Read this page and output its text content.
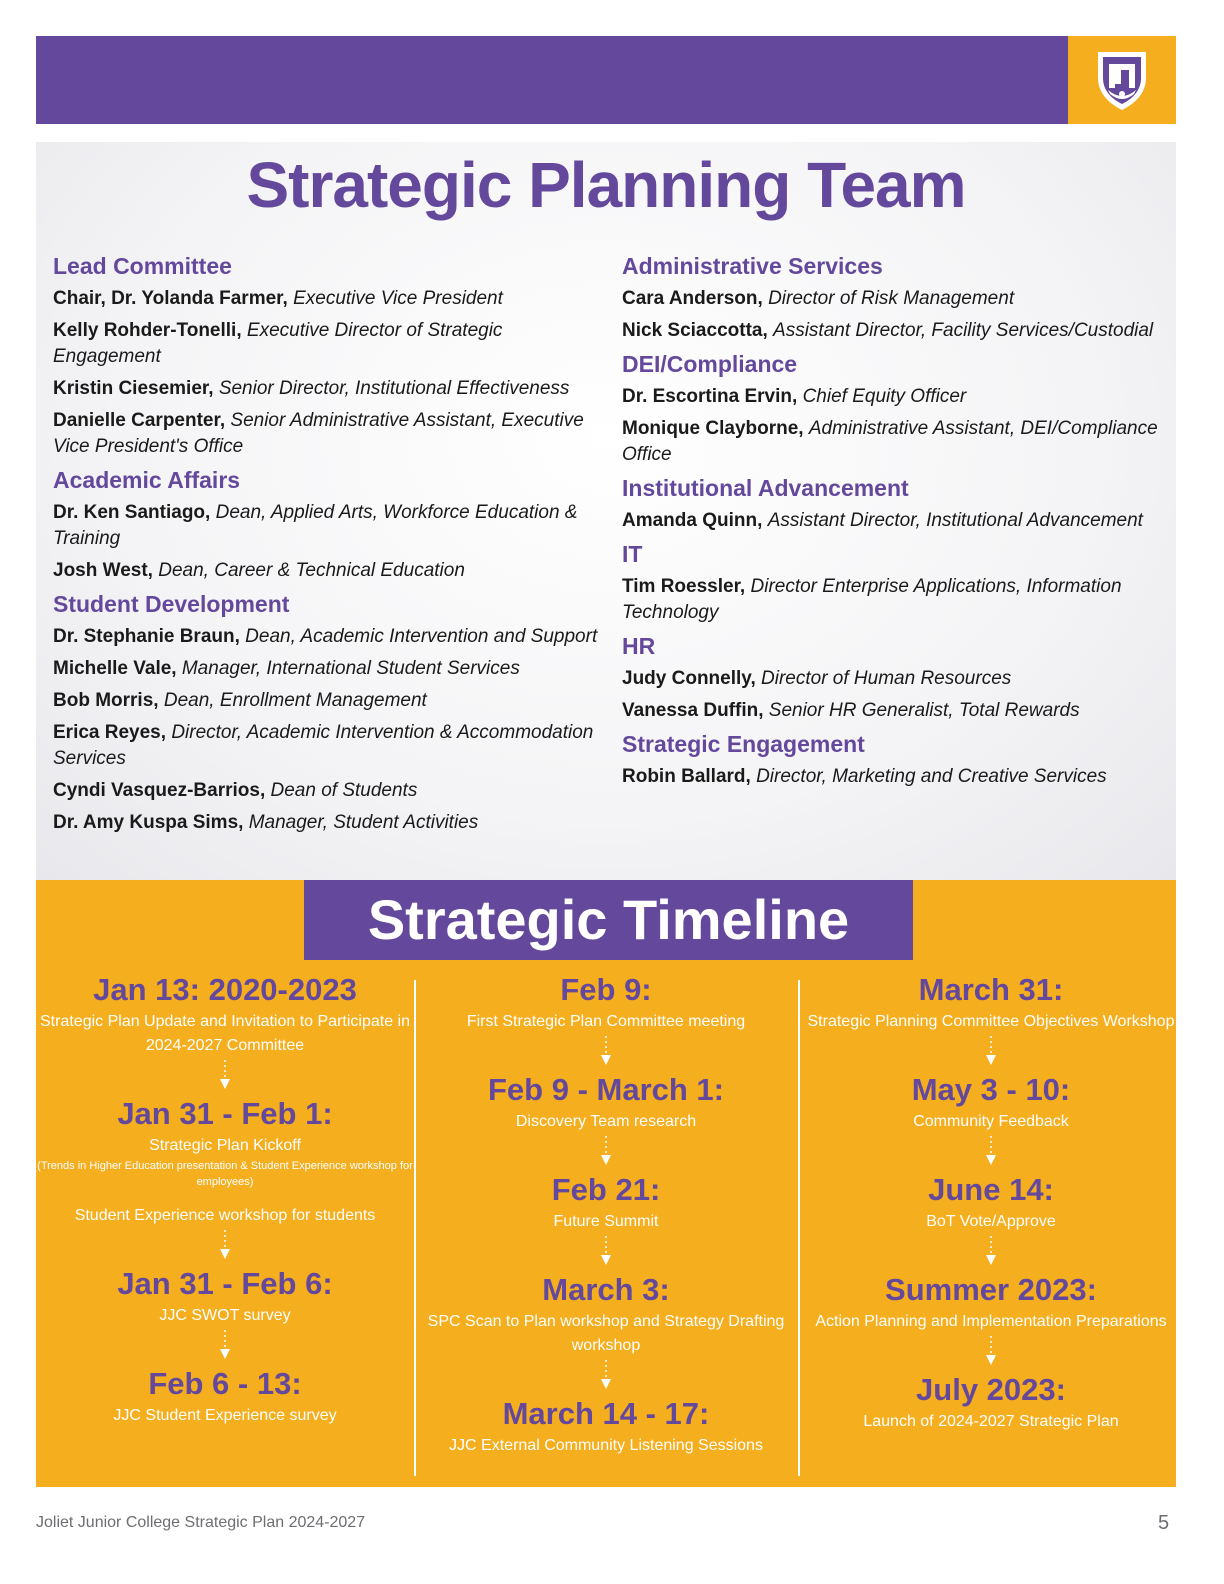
Strategic Planning Team
Lead Committee
Chair, Dr. Yolanda Farmer, Executive Vice President
Kelly Rohder-Tonelli, Executive Director of Strategic Engagement
Kristin Ciesemier, Senior Director, Institutional Effectiveness
Danielle Carpenter, Senior Administrative Assistant, Executive Vice President's Office
Academic Affairs
Dr. Ken Santiago, Dean, Applied Arts, Workforce Education & Training
Josh West, Dean, Career & Technical Education
Student Development
Dr. Stephanie Braun, Dean, Academic Intervention and Support
Michelle Vale, Manager, International Student Services
Bob Morris, Dean, Enrollment Management
Erica Reyes, Director, Academic Intervention & Accommodation Services
Cyndi Vasquez-Barrios, Dean of Students
Dr. Amy Kuspa Sims, Manager, Student Activities
Administrative Services
Cara Anderson, Director of Risk Management
Nick Sciaccotta, Assistant Director, Facility Services/Custodial
DEI/Compliance
Dr. Escortina Ervin, Chief Equity Officer
Monique Clayborne, Administrative Assistant, DEI/Compliance Office
Institutional Advancement
Amanda Quinn, Assistant Director, Institutional Advancement
IT
Tim Roessler, Director Enterprise Applications, Information Technology
HR
Judy Connelly, Director of Human Resources
Vanessa Duffin, Senior HR Generalist, Total Rewards
Strategic Engagement
Robin Ballard, Director, Marketing and Creative Services
Strategic Timeline
Jan 13: 2020-2023
Strategic Plan Update and Invitation to Participate in 2024-2027 Committee
Jan 31 - Feb 1:
Strategic Plan Kickoff
(Trends in Higher Education presentation & Student Experience workshop for employees)
Student Experience workshop for students
Jan 31 - Feb 6:
JJC SWOT survey
Feb 6 - 13:
JJC Student Experience survey
Feb 9:
First Strategic Plan Committee meeting
Feb 9 - March 1:
Discovery Team research
Feb 21:
Future Summit
March 3:
SPC Scan to Plan workshop and Strategy Drafting workshop
March 14 - 17:
JJC External Community Listening Sessions
March 31:
Strategic Planning Committee Objectives Workshop
May 3 - 10:
Community Feedback
June 14:
BoT Vote/Approve
Summer 2023:
Action Planning and Implementation Preparations
July 2023:
Launch of 2024-2027 Strategic Plan
Joliet Junior College Strategic Plan 2024-2027	5
